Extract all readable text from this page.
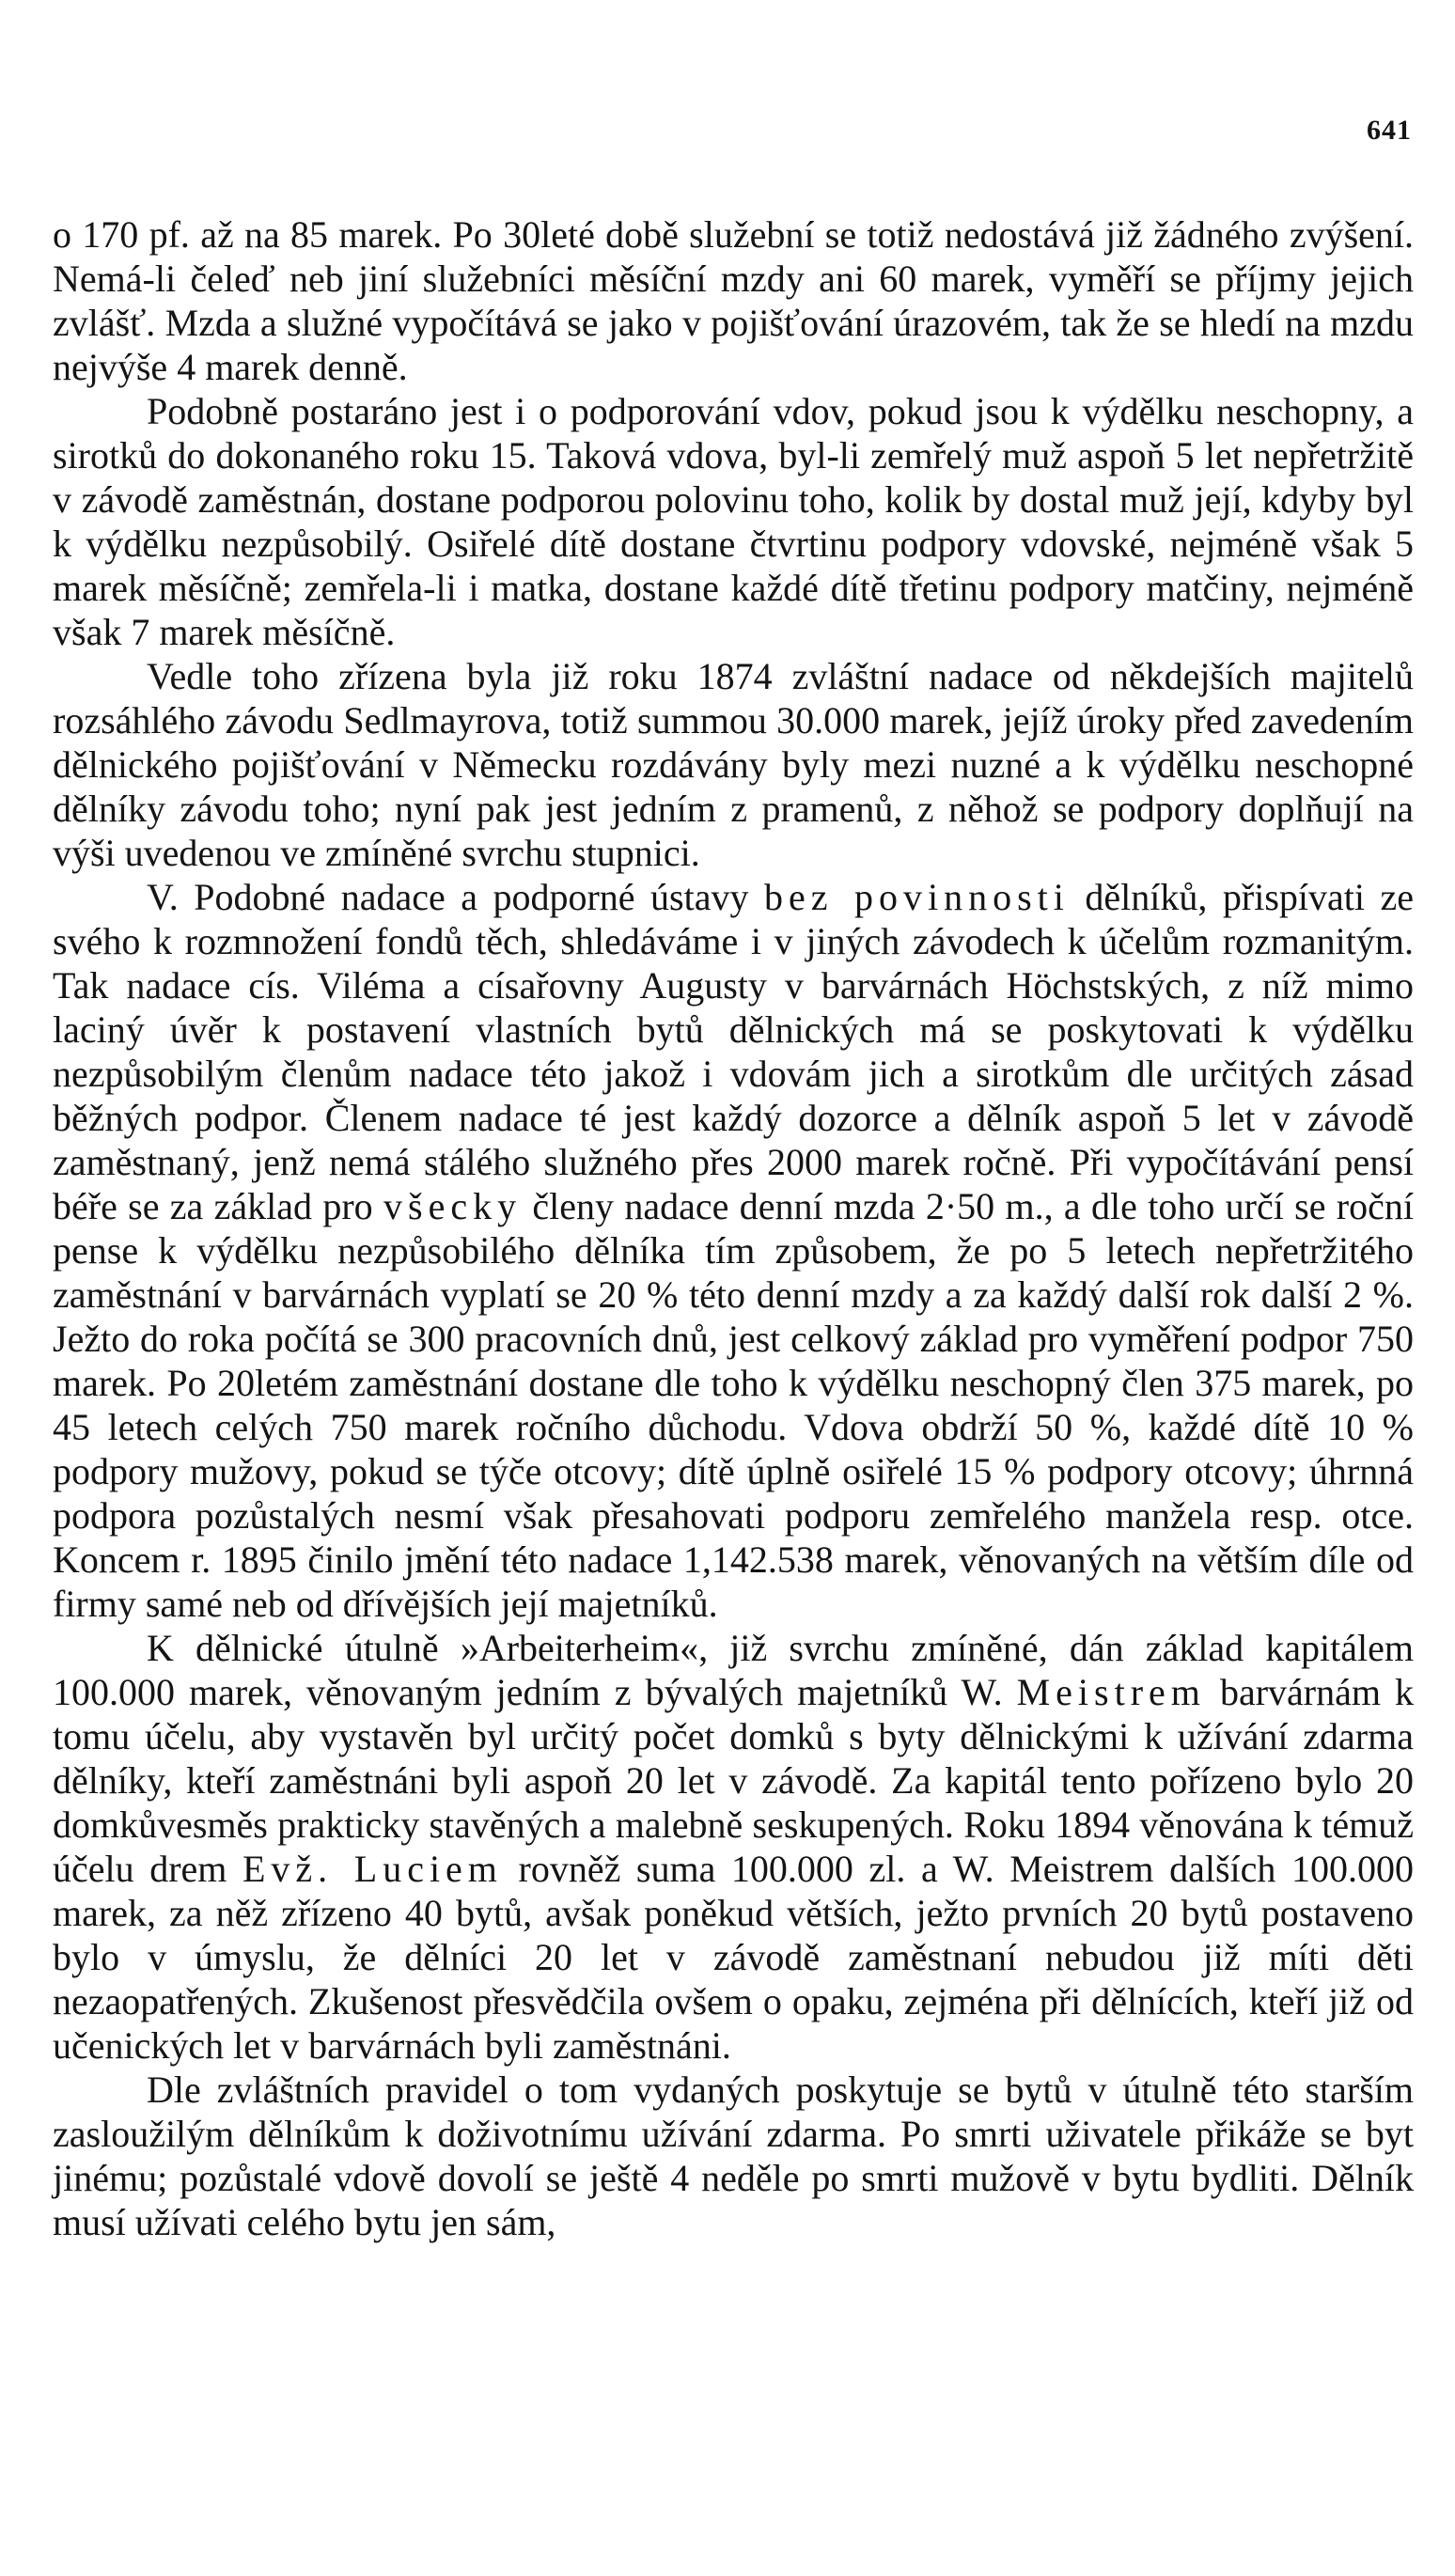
641

o 170 pf. až na 85 marek. Po 30leté době služební se totiž nedostává již žádného zvýšení. Nemá-li čeleď neb jiní služebníci měsíční mzdy ani 60 marek, vyměří se příjmy jejich zvlášť. Mzda a služné vypočítává se jako v pojišťování úrazovém, tak že se hledí na mzdu nejvýše 4 marek denně.

Podobně postaráno jest i o podporování vdov, pokud jsou k výdělku neschopny, a sirotků do dokonaného roku 15. Taková vdova, byl-li zemřelý muž aspoň 5 let nepřetržitě v závodě zaměstnán, dostane podporou polovinu toho, kolik by dostal muž její, kdyby byl k výdělku nezpůsobilý. Osiřelé dítě dostane čtvrtinu podpory vdovské, nejméně však 5 marek měsíčně; zemřela-li i matka, dostane každé dítě třetinu podpory matčiny, nejméně však 7 marek měsíčně.

Vedle toho zřízena byla již roku 1874 zvláštní nadace od někdejších majitelů rozsáhlého závodu Sedlmayrova, totiž summou 30.000 marek, jejíž úroky před zavedením dělnického pojišťování v Německu rozdávány byly mezi nuzné a k výdělku neschopné dělníky závodu toho; nyní pak jest jedním z pramenů, z něhož se podpory doplňují na výši uvedenou ve zmíněné svrchu stupnici.

V. Podobné nadace a podporné ústavy bez povinnosti dělníků, přispívati ze svého k rozmnožení fondů těch, shledáváme i v jiných závodech k účelům rozmanitým. Tak nadace cís. Viléma a císařovny Augusty v barvárnách Höchstských, z níž mimo laciný úvěr k postavení vlastních bytů dělnických má se poskytovati k výdělku nezpůsobilým členům nadace této jakož i vdovám jich a sirotkům dle určitých zásad běžných podpor. Členem nadace té jest každý dozorce a dělník aspoň 5 let v závodě zaměstnaný, jenž nemá stálého služného přes 2000 marek ročně. Při vypočítávání pensí béře se za základ pro všecky členy nadace denní mzda 2·50 m., a dle toho určí se roční pense k výdělku nezpůsobilého dělníka tím způsobem, že po 5 letech nepřetržitého zaměstnání v barvárnách vyplatí se 20 % této denní mzdy a za každý další rok další 2 %. Ježto do roka počítá se 300 pracovních dnů, jest celkový základ pro vyměření podpor 750 marek. Po 20letém zaměstnání dostane dle toho k výdělku neschopný člen 375 marek, po 45 letech celých 750 marek ročního důchodu. Vdova obdrží 50 %, každé dítě 10 % podpory mužovy, pokud se týče otcovy; dítě úplně osiřelé 15 % podpory otcovy; úhrnná podpora pozůstalých nesmí však přesahovati podporu zemřelého manžela resp. otce. Koncem r. 1895 činilo jmění této nadace 1,142.538 marek, věnovaných na větším díle od firmy samé neb od dřívějších její majetníků.

K dělnické útulně »Arbeiterheim«, již svrchu zmíněné, dán základ kapitálem 100.000 marek, věnovaným jedním z bývalých majetníků W. Meistrem barvárnám k tomu účelu, aby vystavěn byl určitý počet domků s byty dělnickými k užívání zdarma dělníky, kteří zaměstnáni byli aspoň 20 let v závodě. Za kapitál tento pořízeno bylo 20 domkůvesměs prakticky stavěných a malebně seskupených. Roku 1894 věnována k témuž účelu drem Evž. Luciem rovněž suma 100.000 zl. a W. Meistrem dalších 100.000 marek, za něž zřízeno 40 bytů, avšak poněkud větších, ježto prvních 20 bytů postaveno bylo v úmyslu, že dělníci 20 let v závodě zaměstnaní nebudou již míti děti nezaopatřených. Zkušenost přesvědčila ovšem o opaku, zejména při dělnících, kteří již od učenických let v barvárnách byli zaměstnáni.

Dle zvláštních pravidel o tom vydaných poskytuje se bytů v útulně této starším zasloužilým dělníkům k doživotnímu užívání zdarma. Po smrti uživatele přikáže se byt jinému; pozůstalé vdově dovolí se ještě 4 neděle po smrti mužově v bytu bydliti. Dělník musí užívati celého bytu jen sám,
